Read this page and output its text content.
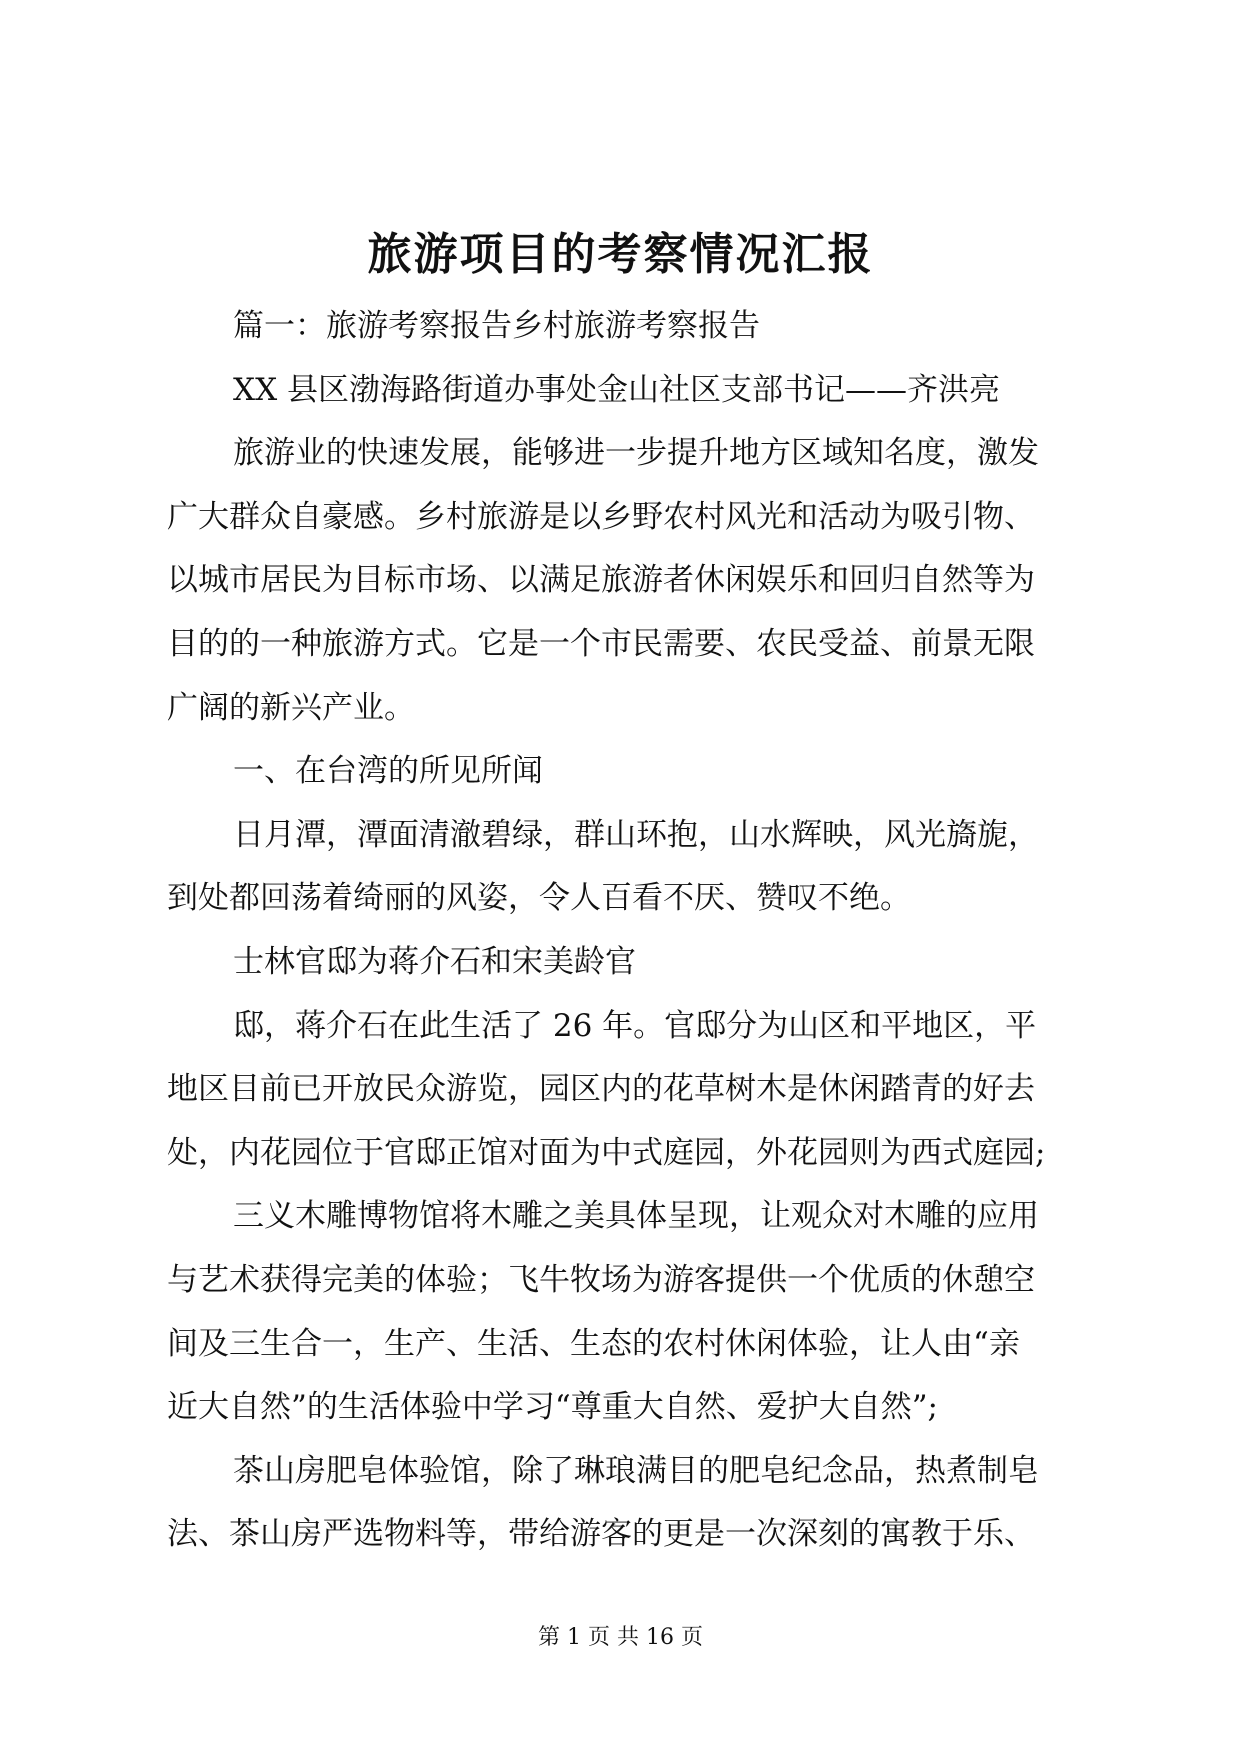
旅游项目的考察情况汇报
篇一：旅游考察报告乡村旅游考察报告
XX 县区渤海路街道办事处金山社区支部书记——齐洪亮
旅游业的快速发展，能够进一步提升地方区域知名度，激发
广大群众自豪感。乡村旅游是以乡野农村风光和活动为吸引物、
以城市居民为目标市场、以满足旅游者休闲娱乐和回归自然等为
目的的一种旅游方式。它是一个市民需要、农民受益、前景无限
广阔的新兴产业。
一、在台湾的所见所闻
日月潭，潭面清澈碧绿，群山环抱，山水辉映，风光旖旎，
到处都回荡着绮丽的风姿，令人百看不厌、赞叹不绝。
士林官邸为蒋介石和宋美龄官
邸，蒋介石在此生活了 26 年。官邸分为山区和平地区，平
地区目前已开放民众游览，园区内的花草树木是休闲踏青的好去
处，内花园位于官邸正馆对面为中式庭园，外花园则为西式庭园;
三义木雕博物馆将木雕之美具体呈现，让观众对木雕的应用
与艺术获得完美的体验；飞牛牧场为游客提供一个优质的休憩空
间及三生合一，生产、生活、生态的农村休闲体验，让人由“亲
近大自然”的生活体验中学习“尊重大自然、爱护大自然”;
茶山房肥皂体验馆，除了琳琅满目的肥皂纪念品，热煮制皂
法、茶山房严选物料等，带给游客的更是一次深刻的寓教于乐、
第 1 页 共 16 页
